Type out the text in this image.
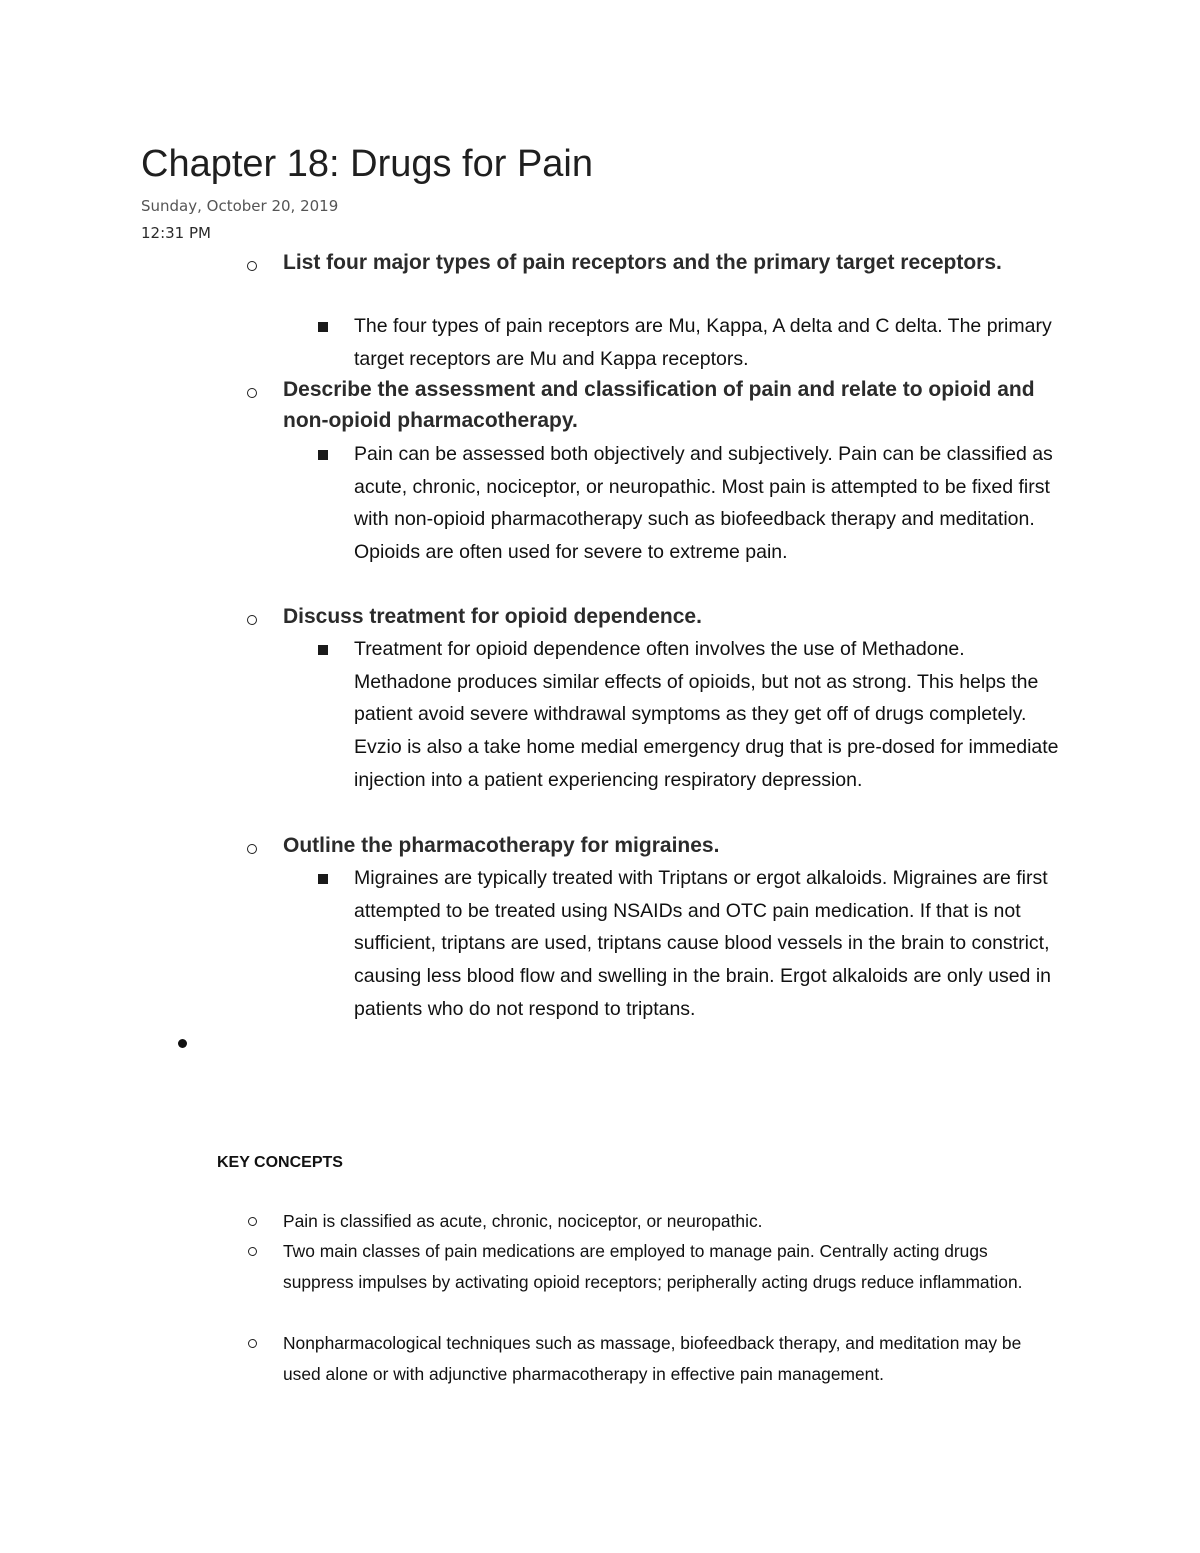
Chapter 18: Drugs for Pain
Sunday, October 20, 2019
12:31 PM
List four major types of pain receptors and the primary target receptors.
The four types of pain receptors are Mu, Kappa, A delta and C delta. The primary target receptors are Mu and Kappa receptors.
Describe the assessment and classification of pain and relate to opioid and non-opioid pharmacotherapy.
Pain can be assessed both objectively and subjectively. Pain can be classified as acute, chronic, nociceptor, or neuropathic. Most pain is attempted to be fixed first with non-opioid pharmacotherapy such as biofeedback therapy and meditation. Opioids are often used for severe to extreme pain.
Discuss treatment for opioid dependence.
Treatment for opioid dependence often involves the use of Methadone. Methadone produces similar effects of opioids, but not as strong. This helps the patient avoid severe withdrawal symptoms as they get off of drugs completely. Evzio is also a take home medial emergency drug that is pre-dosed for immediate injection into a patient experiencing respiratory depression.
Outline the pharmacotherapy for migraines.
Migraines are typically treated with Triptans or ergot alkaloids. Migraines are first attempted to be treated using NSAIDs and OTC pain medication. If that is not sufficient, triptans are used, triptans cause blood vessels in the brain to constrict, causing less blood flow and swelling in the brain. Ergot alkaloids are only used in patients who do not respond to triptans.
KEY CONCEPTS
Pain is classified as acute, chronic, nociceptor, or neuropathic.
Two main classes of pain medications are employed to manage pain. Centrally acting drugs suppress impulses by activating opioid receptors; peripherally acting drugs reduce inflammation.
Nonpharmacological techniques such as massage, biofeedback therapy, and meditation may be used alone or with adjunctive pharmacotherapy in effective pain management.
